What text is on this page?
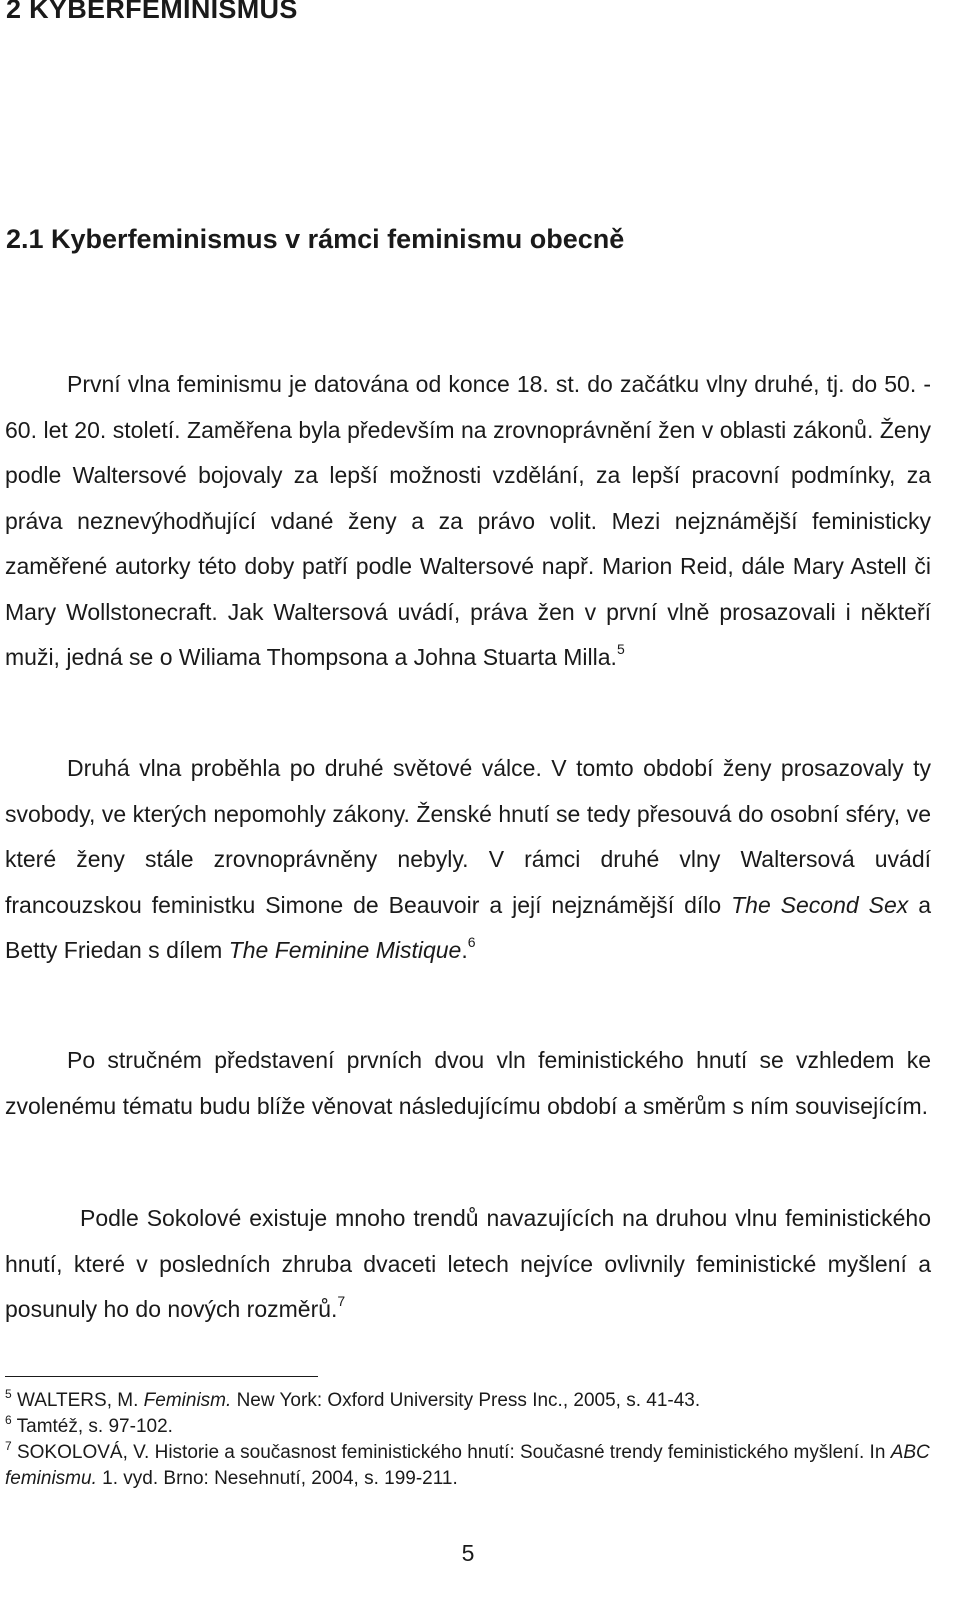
2 KYBERFEMINISMUS
2.1 Kyberfeminismus v rámci feminismu obecně

První vlna feminismu je datována od konce 18. st. do začátku vlny druhé, tj. do 50. - 60. let 20. století. Zaměřena byla především na zrovnoprávnění žen v oblasti zákonů. Ženy podle Waltersové bojovaly za lepší možnosti vzdělání, za lepší pracovní podmínky, za práva neznevýhodňující vdané ženy a za právo volit. Mezi nejznámější feministicky zaměřené autorky této doby patří podle Waltersové např. Marion Reid, dále Mary Astell či Mary Wollstonecraft. Jak Waltersová uvádí, práva žen v první vlně prosazovali i někteří muži, jedná se o Wiliama Thompsona a Johna Stuarta Milla.$^5$

Druhá vlna proběhla po druhé světové válce. V tomto období ženy prosazovaly ty svobody, ve kterých nepomohly zákony. Ženské hnutí se tedy přesouvá do osobní sféry, ve které ženy stále zrovnoprávněny nebyly. V rámci druhé vlny Waltersová uvádí francouzskou feministku Simone de Beauvoir a její nejznámější dílo The Second Sex a Betty Friedan s dílem The Feminine Mistique.$^6$

Po stručném představení prvních dvou vln feministického hnutí se vzhledem ke zvolenému tématu budu blíže věnovat následujícímu období a směrům s ním souvisejícím.

Podle Sokolové existuje mnoho trendů navazujících na druhou vlnu feministického hnutí, které v posledních zhruba dvaceti letech nejvíce ovlivnily feministické myšlení a posunuly ho do nových rozměrů.$^7$

$^5$ WALTERS, M. Feminism. New York: Oxford University Press Inc., 2005, s. 41-43.

$^6$ Tamtéž, s. 97-102.

$^7$ SOKOLOVÁ, V. Historie a současnost feministického hnutí: Současné trendy feministického myšlení. In ABC feminismu. 1. vyd. Brno: Nesehnutí, 2004, s. 199-211.

5
